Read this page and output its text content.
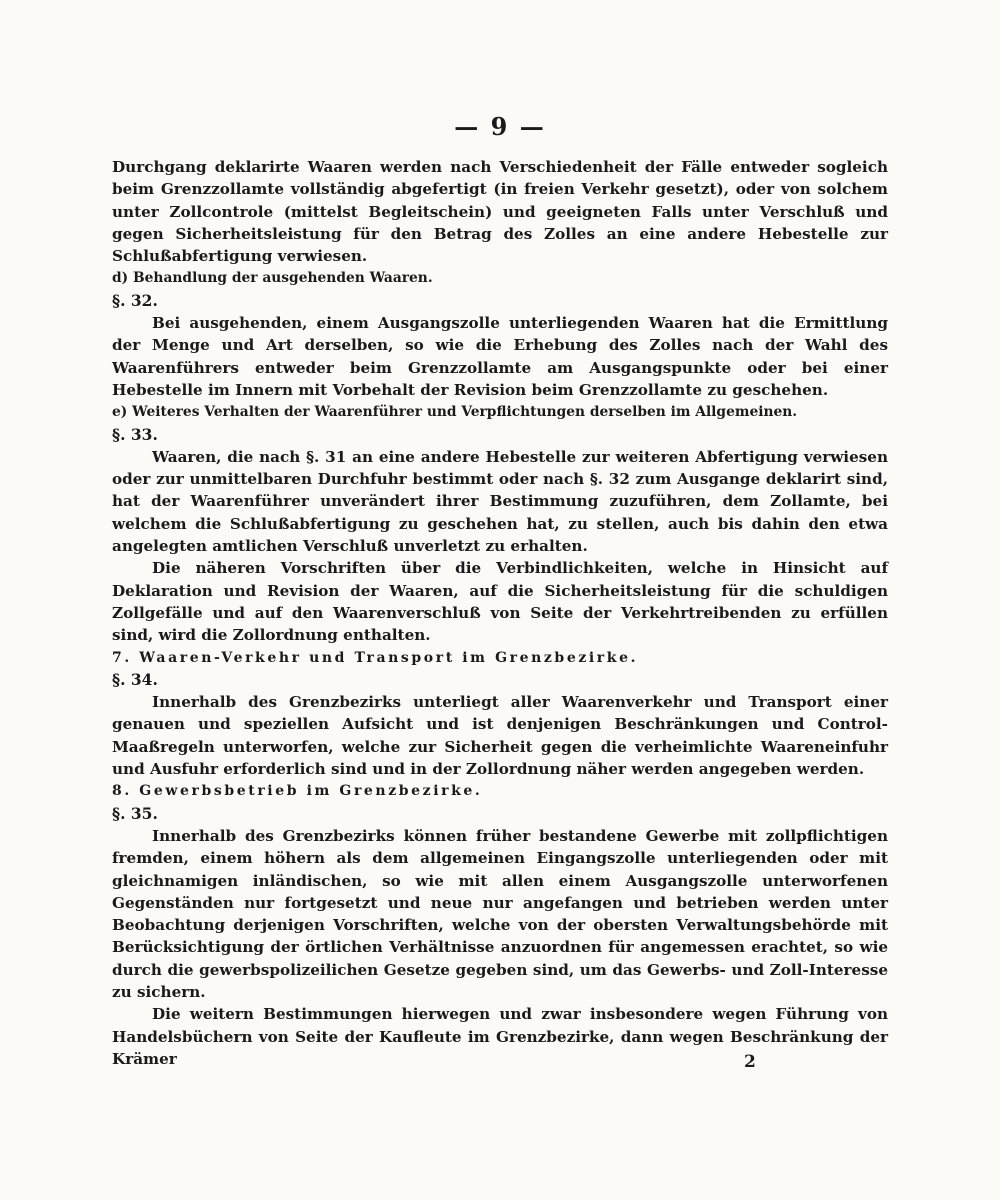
— 9 —

Durchgang deklarirte Waaren werden nach Verschiedenheit der Fälle entweder sogleich beim Grenzzollamte vollständig abgefertigt (in freien Verkehr gesetzt), oder von solchem unter Zollcontrole (mittelst Begleitschein) und geeigneten Falls unter Verschluß und gegen Sicherheitsleistung für den Betrag des Zolles an eine andere Hebestelle zur Schlußabfertigung verwiesen.

d) Behandlung der ausgehenden Waaren.

§. 32.

Bei ausgehenden, einem Ausgangszolle unterliegenden Waaren hat die Ermittlung der Menge und Art derselben, so wie die Erhebung des Zolles nach der Wahl des Waarenführers entweder beim Grenzzollamte am Ausgangspunkte oder bei einer Hebestelle im Innern mit Vorbehalt der Revision beim Grenzzollamte zu geschehen.

e) Weiteres Verhalten der Waarenführer und Verpflichtungen derselben im Allgemeinen.

§. 33.

Waaren, die nach §. 31 an eine andere Hebestelle zur weiteren Abfertigung verwiesen oder zur unmittelbaren Durchfuhr bestimmt oder nach §. 32 zum Ausgange deklarirt sind, hat der Waarenführer unverändert ihrer Bestimmung zuzuführen, dem Zollamte, bei welchem die Schlußabfertigung zu geschehen hat, zu stellen, auch bis dahin den etwa angelegten amtlichen Verschluß unverletzt zu erhalten.

Die näheren Vorschriften über die Verbindlichkeiten, welche in Hinsicht auf Deklaration und Revision der Waaren, auf die Sicherheitsleistung für die schuldigen Zollgefälle und auf den Waarenverschluß von Seite der Verkehrtreibenden zu erfüllen sind, wird die Zollordnung enthalten.

7. Waaren-Verkehr und Transport im Grenzbezirke.

§. 34.

Innerhalb des Grenzbezirks unterliegt aller Waarenverkehr und Transport einer genauen und speziellen Aufsicht und ist denjenigen Beschränkungen und Control-Maaßregeln unterworfen, welche zur Sicherheit gegen die verheimlichte Waareneinfuhr und Ausfuhr erforderlich sind und in der Zollordnung näher werden angegeben werden.

8. Gewerbsbetrieb im Grenzbezirke.

§. 35.

Innerhalb des Grenzbezirks können früher bestandene Gewerbe mit zollpflichtigen fremden, einem höhern als dem allgemeinen Eingangszolle unterliegenden oder mit gleichnamigen inländischen, so wie mit allen einem Ausgangszolle unterworfenen Gegenständen nur fortgesetzt und neue nur angefangen und betrieben werden unter Beobachtung derjenigen Vorschriften, welche von der obersten Verwaltungsbehörde mit Berücksichtigung der örtlichen Verhältnisse anzuordnen für angemessen erachtet, so wie durch die gewerbspolizeilichen Gesetze gegeben sind, um das Gewerbs- und Zoll-Interesse zu sichern.

Die weitern Bestimmungen hierwegen und zwar insbesondere wegen Führung von Handelsbüchern von Seite der Kaufleute im Grenzbezirke, dann wegen Beschränkung der Krämer	2
